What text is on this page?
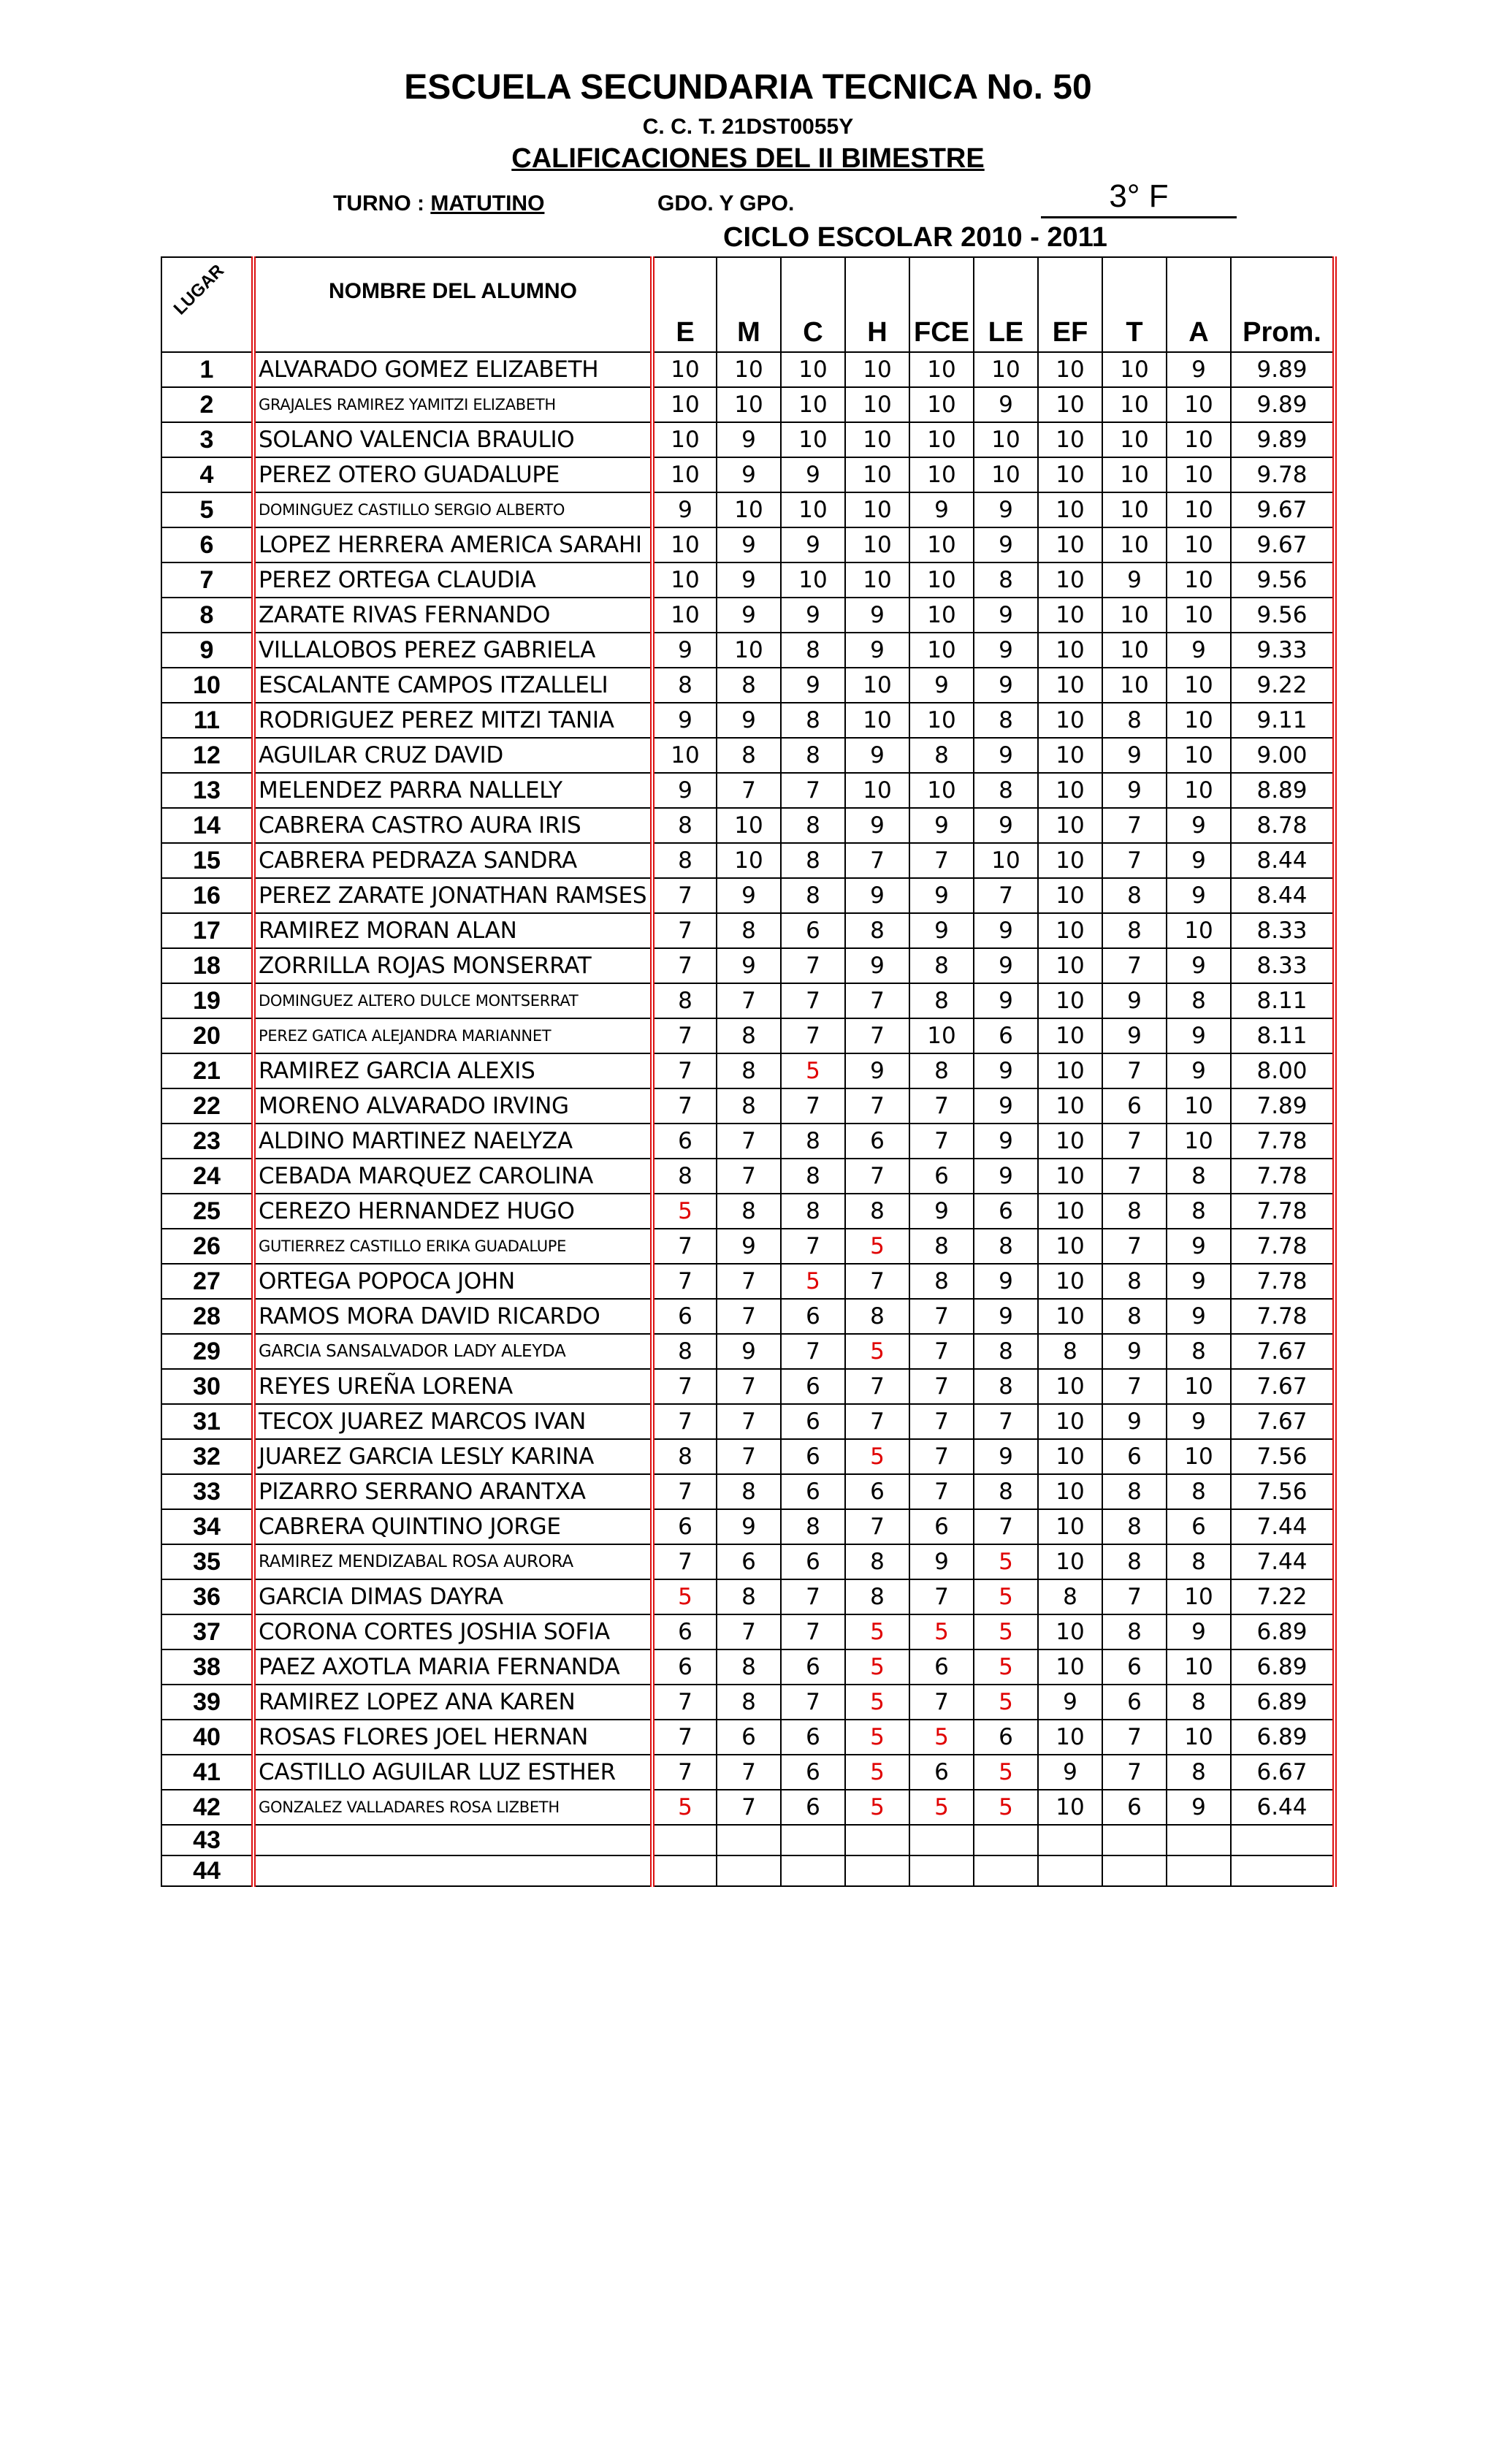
ESCUELA SECUNDARIA TECNICA No. 50
C. C. T. 21DST0055Y
CALIFICACIONES DEL II BIMESTRE
TURNO : MATUTINO	GDO. Y GPO.	3° F
CICLO ESCOLAR 2010 - 2011
LUGAR	NOMBRE DEL ALUMNO	E	M	C	H	FCE	LE	EF	T	A	Prom.
1	ALVARADO GOMEZ ELIZABETH	10	10	10	10	10	10	10	10	9	9.89
2	GRAJALES RAMIREZ YAMITZI ELIZABETH	10	10	10	10	10	9	10	10	10	9.89
3	SOLANO VALENCIA BRAULIO	10	9	10	10	10	10	10	10	10	9.89
4	PEREZ OTERO GUADALUPE	10	9	9	10	10	10	10	10	10	9.78
5	DOMINGUEZ CASTILLO SERGIO ALBERTO	9	10	10	10	9	9	10	10	10	9.67
6	LOPEZ HERRERA AMERICA SARAHI	10	9	9	10	10	9	10	10	10	9.67
7	PEREZ ORTEGA CLAUDIA	10	9	10	10	10	8	10	9	10	9.56
8	ZARATE RIVAS FERNANDO	10	9	9	9	10	9	10	10	10	9.56
9	VILLALOBOS PEREZ GABRIELA	9	10	8	9	10	9	10	10	9	9.33
10	ESCALANTE CAMPOS ITZALLELI	8	8	9	10	9	9	10	10	10	9.22
11	RODRIGUEZ PEREZ MITZI TANIA	9	9	8	10	10	8	10	8	10	9.11
12	AGUILAR CRUZ DAVID	10	8	8	9	8	9	10	9	10	9.00
13	MELENDEZ PARRA NALLELY	9	7	7	10	10	8	10	9	10	8.89
14	CABRERA CASTRO AURA IRIS	8	10	8	9	9	9	10	7	9	8.78
15	CABRERA PEDRAZA SANDRA	8	10	8	7	7	10	10	7	9	8.44
16	PEREZ ZARATE JONATHAN RAMSES	7	9	8	9	9	7	10	8	9	8.44
17	RAMIREZ MORAN ALAN	7	8	6	8	9	9	10	8	10	8.33
18	ZORRILLA ROJAS MONSERRAT	7	9	7	9	8	9	10	7	9	8.33
19	DOMINGUEZ ALTERO DULCE MONTSERRAT	8	7	7	7	8	9	10	9	8	8.11
20	PEREZ GATICA ALEJANDRA MARIANNET	7	8	7	7	10	6	10	9	9	8.11
21	RAMIREZ GARCIA ALEXIS	7	8	5	9	8	9	10	7	9	8.00
22	MORENO ALVARADO IRVING	7	8	7	7	7	9	10	6	10	7.89
23	ALDINO MARTINEZ NAELYZA	6	7	8	6	7	9	10	7	10	7.78
24	CEBADA MARQUEZ CAROLINA	8	7	8	7	6	9	10	7	8	7.78
25	CEREZO HERNANDEZ HUGO	5	8	8	8	9	6	10	8	8	7.78
26	GUTIERREZ CASTILLO ERIKA GUADALUPE	7	9	7	5	8	8	10	7	9	7.78
27	ORTEGA POPOCA JOHN	7	7	5	7	8	9	10	8	9	7.78
28	RAMOS MORA DAVID RICARDO	6	7	6	8	7	9	10	8	9	7.78
29	GARCIA SANSALVADOR LADY ALEYDA	8	9	7	5	7	8	8	9	8	7.67
30	REYES UREÑA LORENA	7	7	6	7	7	8	10	7	10	7.67
31	TECOX JUAREZ MARCOS IVAN	7	7	6	7	7	7	10	9	9	7.67
32	JUAREZ GARCIA LESLY KARINA	8	7	6	5	7	9	10	6	10	7.56
33	PIZARRO SERRANO ARANTXA	7	8	6	6	7	8	10	8	8	7.56
34	CABRERA QUINTINO JORGE	6	9	8	7	6	7	10	8	6	7.44
35	RAMIREZ MENDIZABAL ROSA AURORA	7	6	6	8	9	5	10	8	8	7.44
36	GARCIA DIMAS DAYRA	5	8	7	8	7	5	8	7	10	7.22
37	CORONA CORTES JOSHIA SOFIA	6	7	7	5	5	5	10	8	9	6.89
38	PAEZ AXOTLA MARIA FERNANDA	6	8	6	5	6	5	10	6	10	6.89
39	RAMIREZ LOPEZ ANA KAREN	7	8	7	5	7	5	9	6	8	6.89
40	ROSAS FLORES JOEL HERNAN	7	6	6	5	5	6	10	7	10	6.89
41	CASTILLO AGUILAR LUZ ESTHER	7	7	6	5	6	5	9	7	8	6.67
42	GONZALEZ VALLADARES ROSA LIZBETH	5	7	6	5	5	5	10	6	9	6.44
43											
44											
